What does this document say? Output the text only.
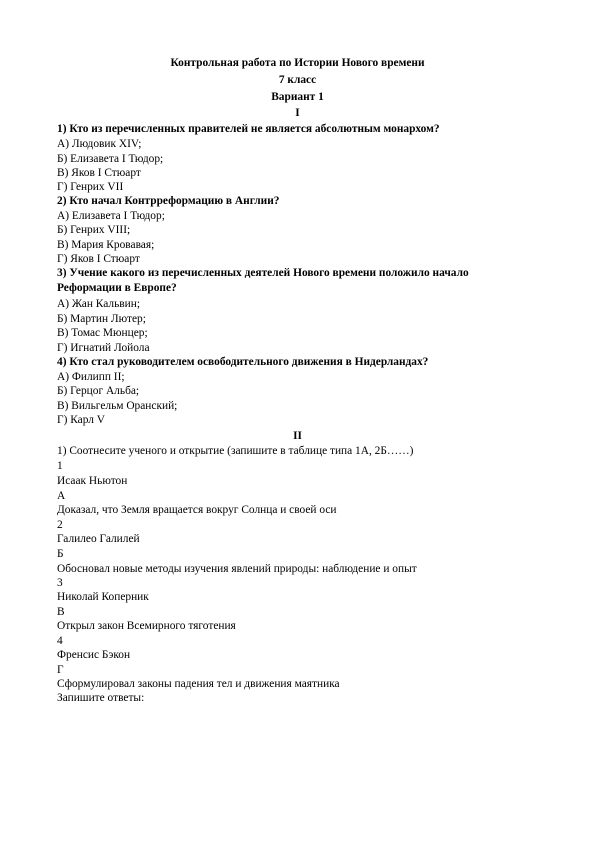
Контрольная работа по Истории Нового времени
7 класс
Вариант 1
I
1) Кто из перечисленных правителей не является абсолютным монархом?
А) Людовик XIV;
Б) Елизавета I Тюдор;
В) Яков I Стюарт
Г) Генрих VII
2) Кто начал Контрреформацию в Англии?
А) Елизавета I Тюдор;
Б) Генрих VIII;
В) Мария Кровавая;
Г) Яков I Стюарт
3) Учение какого из перечисленных деятелей Нового времени положило начало
Реформации в Европе?
А) Жан Кальвин;
Б) Мартин Лютер;
В) Томас Мюнцер;
Г) Игнатий Лойола
4) Кто стал руководителем освободительного движения в Нидерландах?
А) Филипп II;
Б) Герцог Альба;
В) Вильгельм Оранский;
Г) Карл V
II
1) Соотнесите ученого и открытие (запишите в таблице типа 1А, 2Б……)
1
Исаак Ньютон
А
Доказал, что Земля вращается вокруг Солнца и своей оси
2
Галилео Галилей
Б
Обосновал новые методы изучения явлений природы: наблюдение и опыт
3
Николай Коперник
В
Открыл закон Всемирного тяготения
4
Френсис Бэкон
Г
Сформулировал законы падения тел и движения маятника
Запишите ответы:
